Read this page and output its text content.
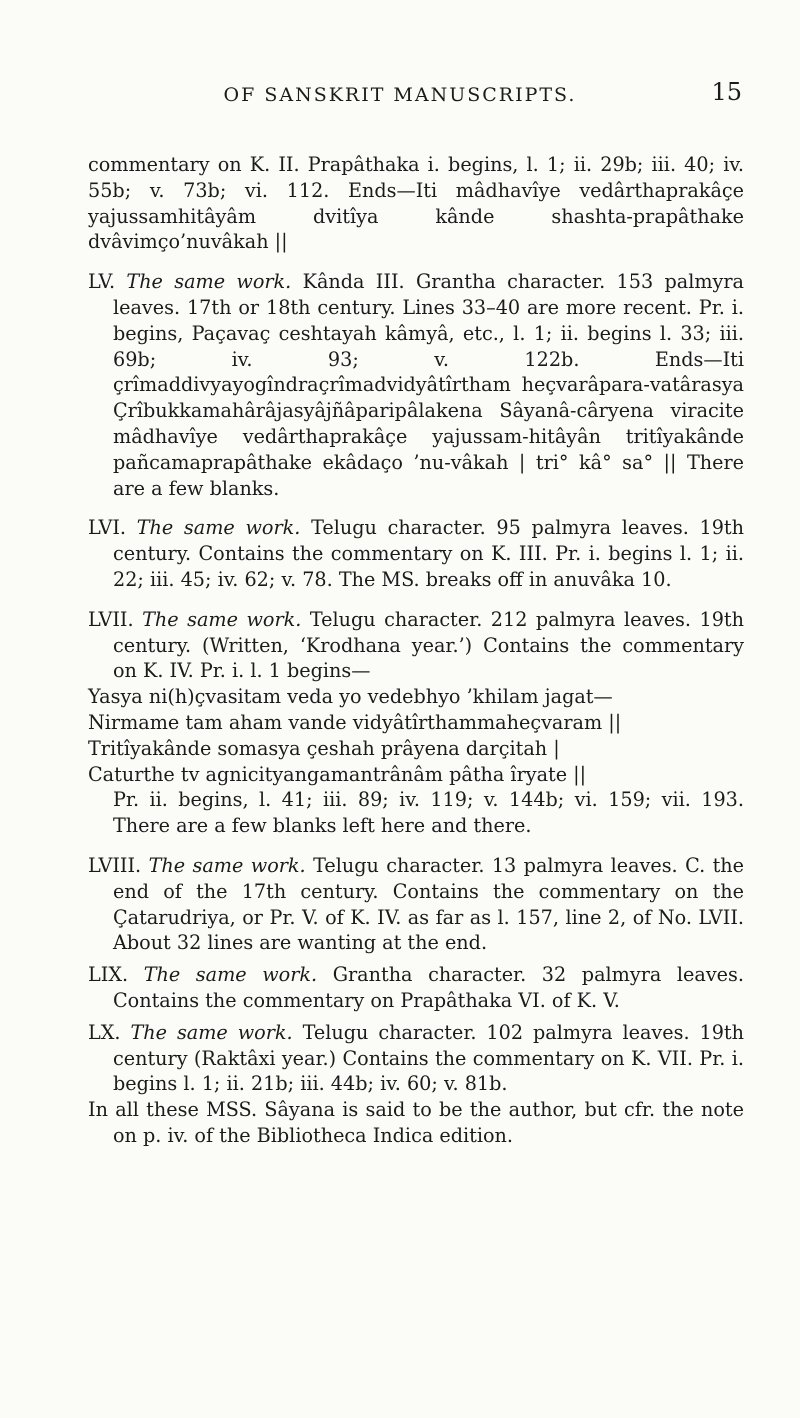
OF SANSKRIT MANUSCRIPTS.	15

commentary on K. II. Prapâthaka i. begins, l. 1; ii. 29b; iii. 40; iv. 55b; v. 73b; vi. 112. Ends—Iti mâdhavîye vedârthaprakâçe yajussamhitâyâm dvitîya kânde shashta-prapâthake dvâvimço’nuvâkah ||

LV. The same work. Kânda III. Grantha character. 153 palmyra leaves. 17th or 18th century. Lines 33–40 are more recent. Pr. i. begins, Paçavaç ceshtayah kâmyâ, etc., l. 1; ii. begins l. 33; iii. 69b; iv. 93; v. 122b. Ends—Iti çrîmaddivyayogîndraçrîmadvidyâtîrtham heçvarâpara-vatârasya Çrîbukkamahârâjasyâjñâparipâlakena Sâyanâ-câryena viracite mâdhavîye vedârthaprakâçe yajussam-hitâyân tritîyakânde pañcamaprapâthake ekâdaço ’nu-vâkah | tri° kâ° sa° || There are a few blanks.

LVI. The same work. Telugu character. 95 palmyra leaves. 19th century. Contains the commentary on K. III. Pr. i. begins l. 1; ii. 22; iii. 45; iv. 62; v. 78. The MS. breaks off in anuvâka 10.

LVII. The same work. Telugu character. 212 palmyra leaves. 19th century. (Written, ‘Krodhana year.’) Contains the commentary on K. IV. Pr. i. l. 1 begins—
Yasya ni(h)çvasitam veda yo vedebhyo ’khilam jagat—
Nirmame tam aham vande vidyâtîrthammaheçvaram ||
Tritîyakânde somasya çeshah prâyena darçitah |
Caturthe tv agnicityangamantrânâm pâtha îryate ||
Pr. ii. begins, l. 41; iii. 89; iv. 119; v. 144b; vi. 159; vii. 193. There are a few blanks left here and there.

LVIII. The same work. Telugu character. 13 palmyra leaves. C. the end of the 17th century. Contains the commentary on the Çatarudriya, or Pr. V. of K. IV. as far as l. 157, line 2, of No. LVII. About 32 lines are wanting at the end.

LIX. The same work. Grantha character. 32 palmyra leaves. Contains the commentary on Prapâthaka VI. of K. V.

LX. The same work. Telugu character. 102 palmyra leaves. 19th century (Raktâxi year.) Contains the commentary on K. VII. Pr. i. begins l. 1; ii. 21b; iii. 44b; iv. 60; v. 81b.

In all these MSS. Sâyana is said to be the author, but cfr. the note on p. iv. of the Bibliotheca Indica edition.
